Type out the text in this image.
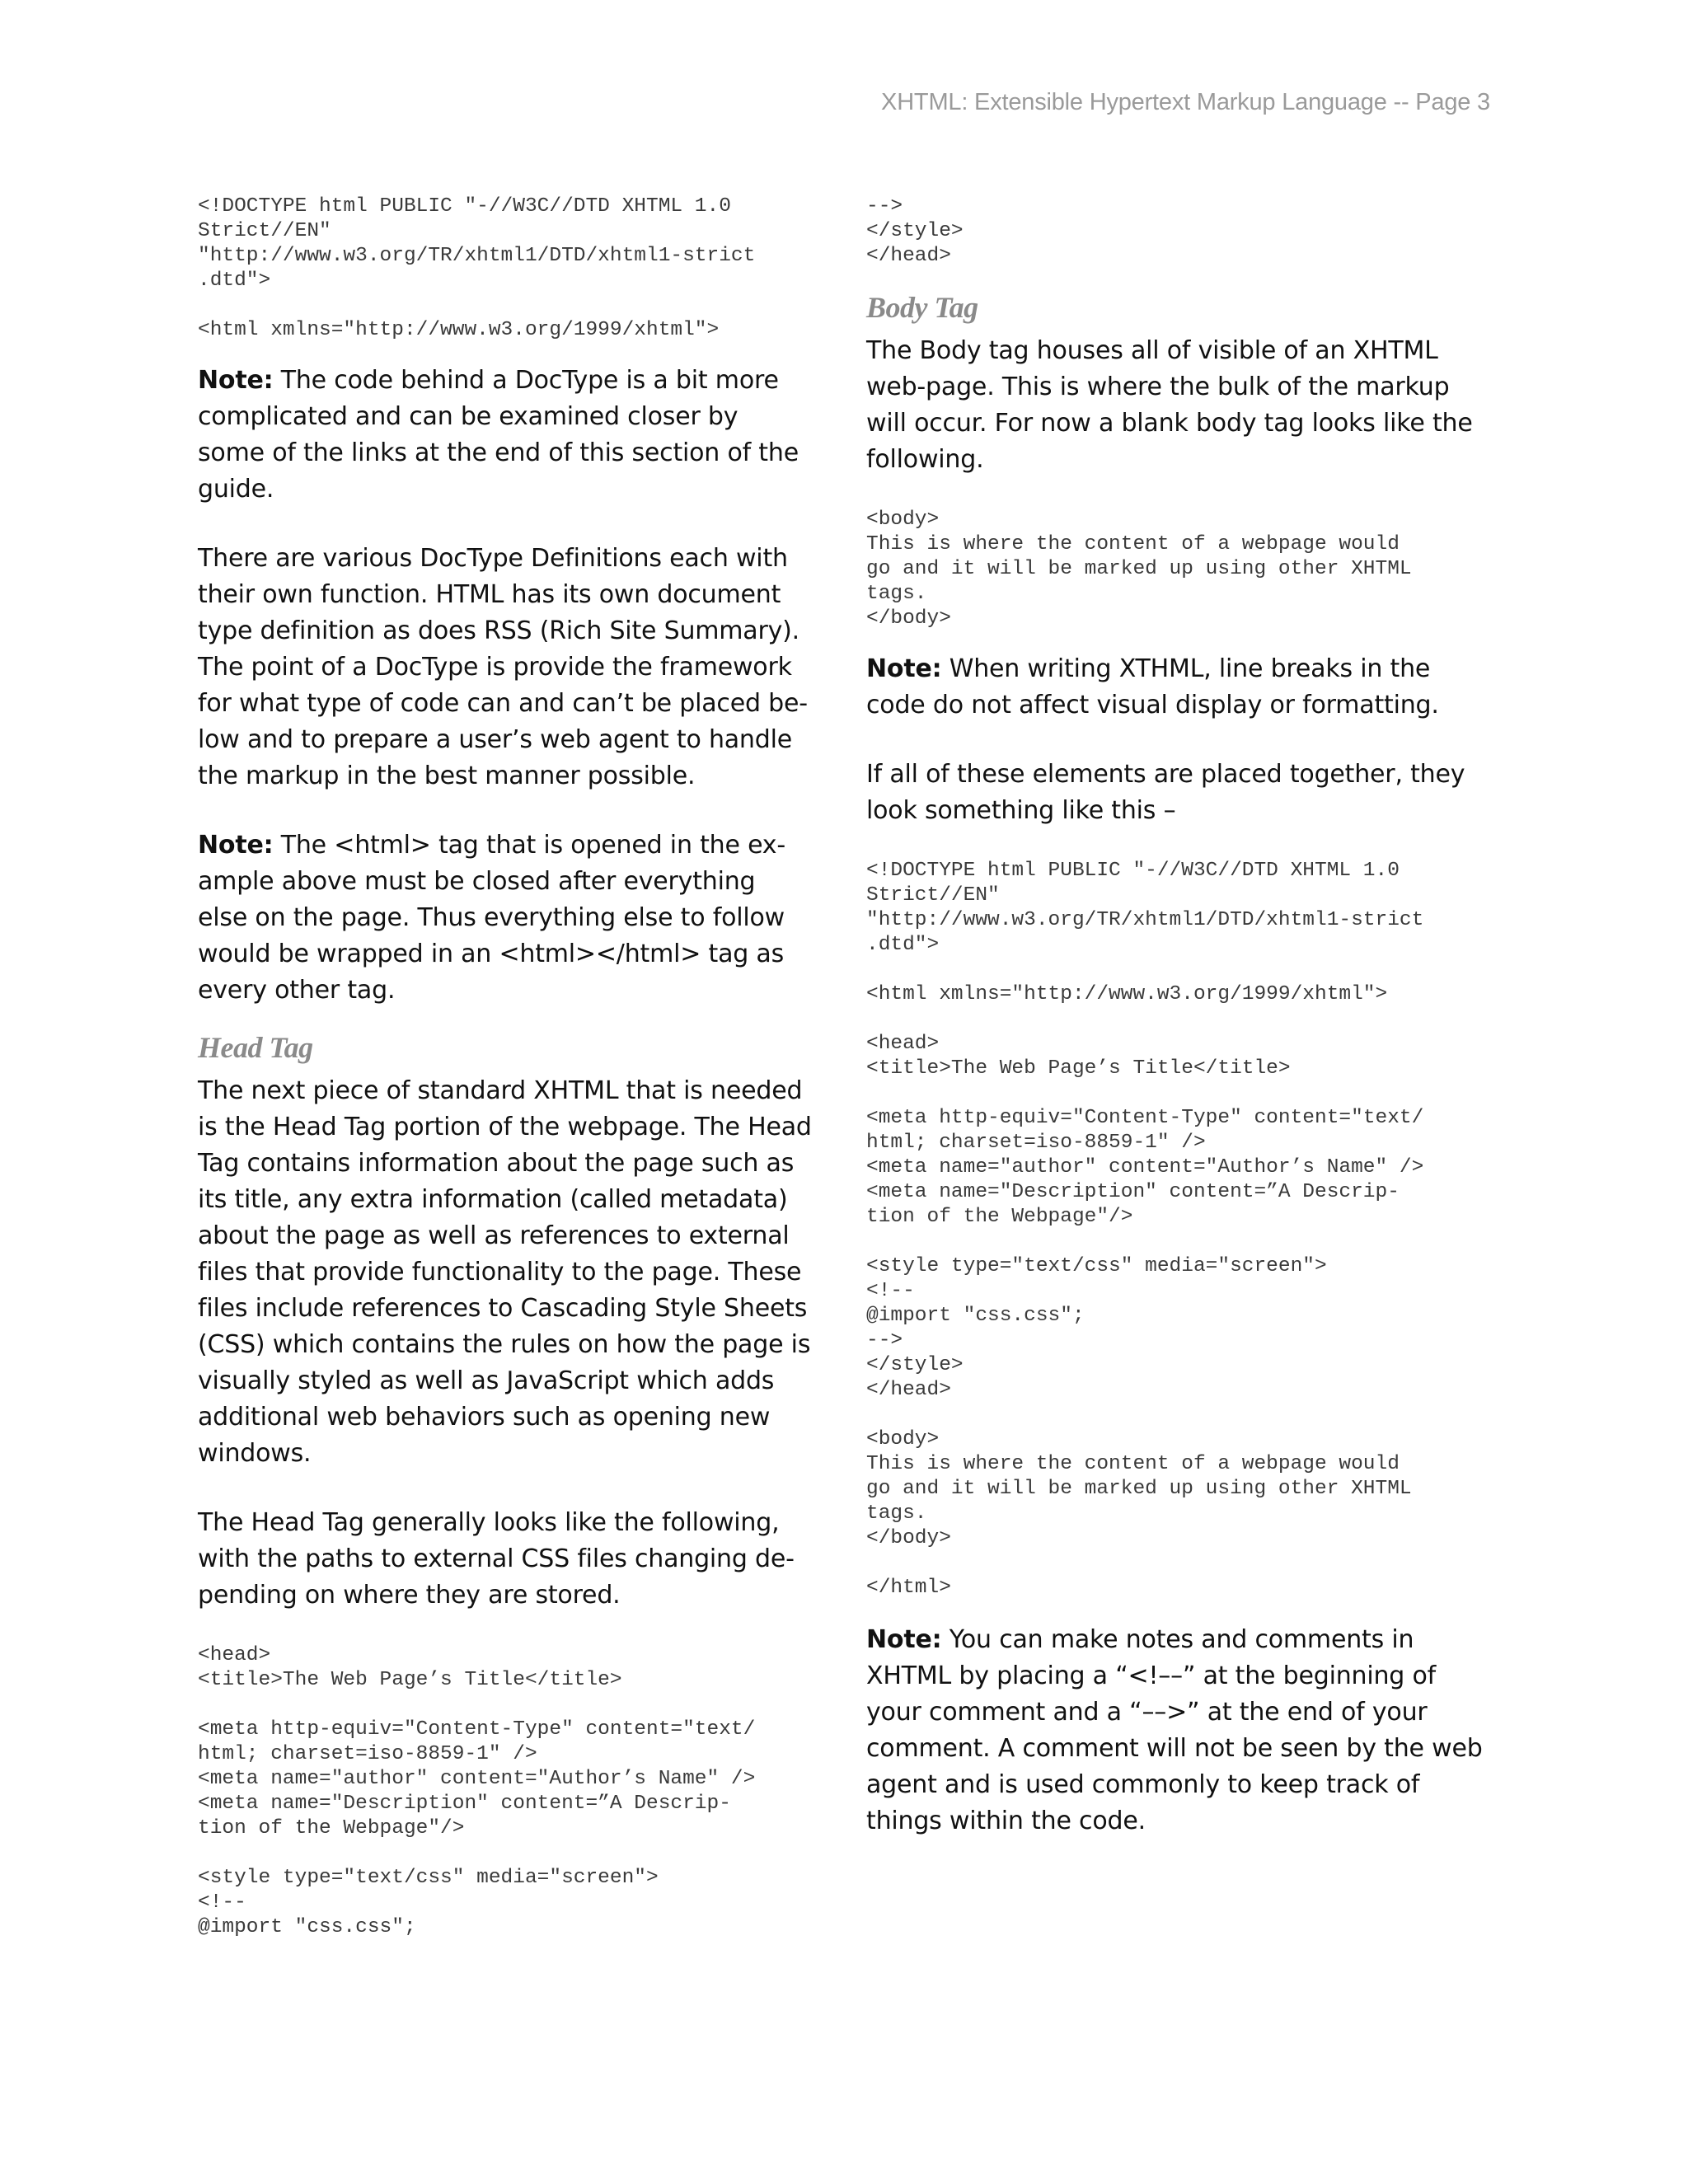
XHTML: Extensible Hypertext Markup Language -- Page 3
<!DOCTYPE html PUBLIC "-//W3C//DTD XHTML 1.0
Strict//EN"
"http://www.w3.org/TR/xhtml1/DTD/xhtml1-strict
.dtd">
<html xmlns="http://www.w3.org/1999/xhtml">

Note: The code behind a DocType is a bit more complicated and can be examined closer by some of the links at the end of this section of the guide.

There are various DocType Definitions each with their own function. HTML has its own document type definition as does RSS (Rich Site Summary). The point of a DocType is provide the framework for what type of code can and can’t be placed be-low and to prepare a user’s web agent to handle the markup in the best manner possible.

Note: The <html> tag that is opened in the ex-ample above must be closed after everything else on the page. Thus everything else to follow would be wrapped in an <html></html> tag as every other tag.

Head Tag

The next piece of standard XHTML that is needed is the Head Tag portion of the webpage. The Head Tag contains information about the page such as its title, any extra information (called metadata) about the page as well as references to external files that provide functionality to the page. These files include references to Cascading Style Sheets (CSS) which contains the rules on how the page is visually styled as well as JavaScript which adds additional web behaviors such as opening new windows.

The Head Tag generally looks like the following, with the paths to external CSS files changing de-pending on where they are stored.

<head>
<title>The Web Page’s Title</title>
<meta http-equiv="Content-Type" content="text/
html; charset=iso-8859-1" />
<meta name="author" content="Author’s Name" />
<meta name="Description" content=”A Descrip-
tion of the Webpage"/>
<style type="text/css" media="screen">
<!--
@import "css.css";
-->
</style>
</head>
Body Tag

The Body tag houses all of visible of an XHTML web-page. This is where the bulk of the markup will occur. For now a blank body tag looks like the following.

<body>
This is where the content of a webpage would
go and it will be marked up using other XHTML
tags.
</body>

Note: When writing XTHML, line breaks in the code do not affect visual display or formatting.

If all of these elements are placed together, they look something like this –

<!DOCTYPE html PUBLIC "-//W3C//DTD XHTML 1.0
Strict//EN"
"http://www.w3.org/TR/xhtml1/DTD/xhtml1-strict
.dtd">
<html xmlns="http://www.w3.org/1999/xhtml">
<head>
<title>The Web Page’s Title</title>
<meta http-equiv="Content-Type" content="text/
html; charset=iso-8859-1" />
<meta name="author" content="Author’s Name" />
<meta name="Description" content=”A Descrip-
tion of the Webpage"/>
<style type="text/css" media="screen">
<!--
@import "css.css";
-->
</style>
</head>
<body>
This is where the content of a webpage would
go and it will be marked up using other XHTML
tags.
</body>
</html>

Note: You can make notes and comments in XHTML by placing a “<!––” at the beginning of your comment and a “––>” at the end of your comment. A comment will not be seen by the web agent and is used commonly to keep track of things within the code.
